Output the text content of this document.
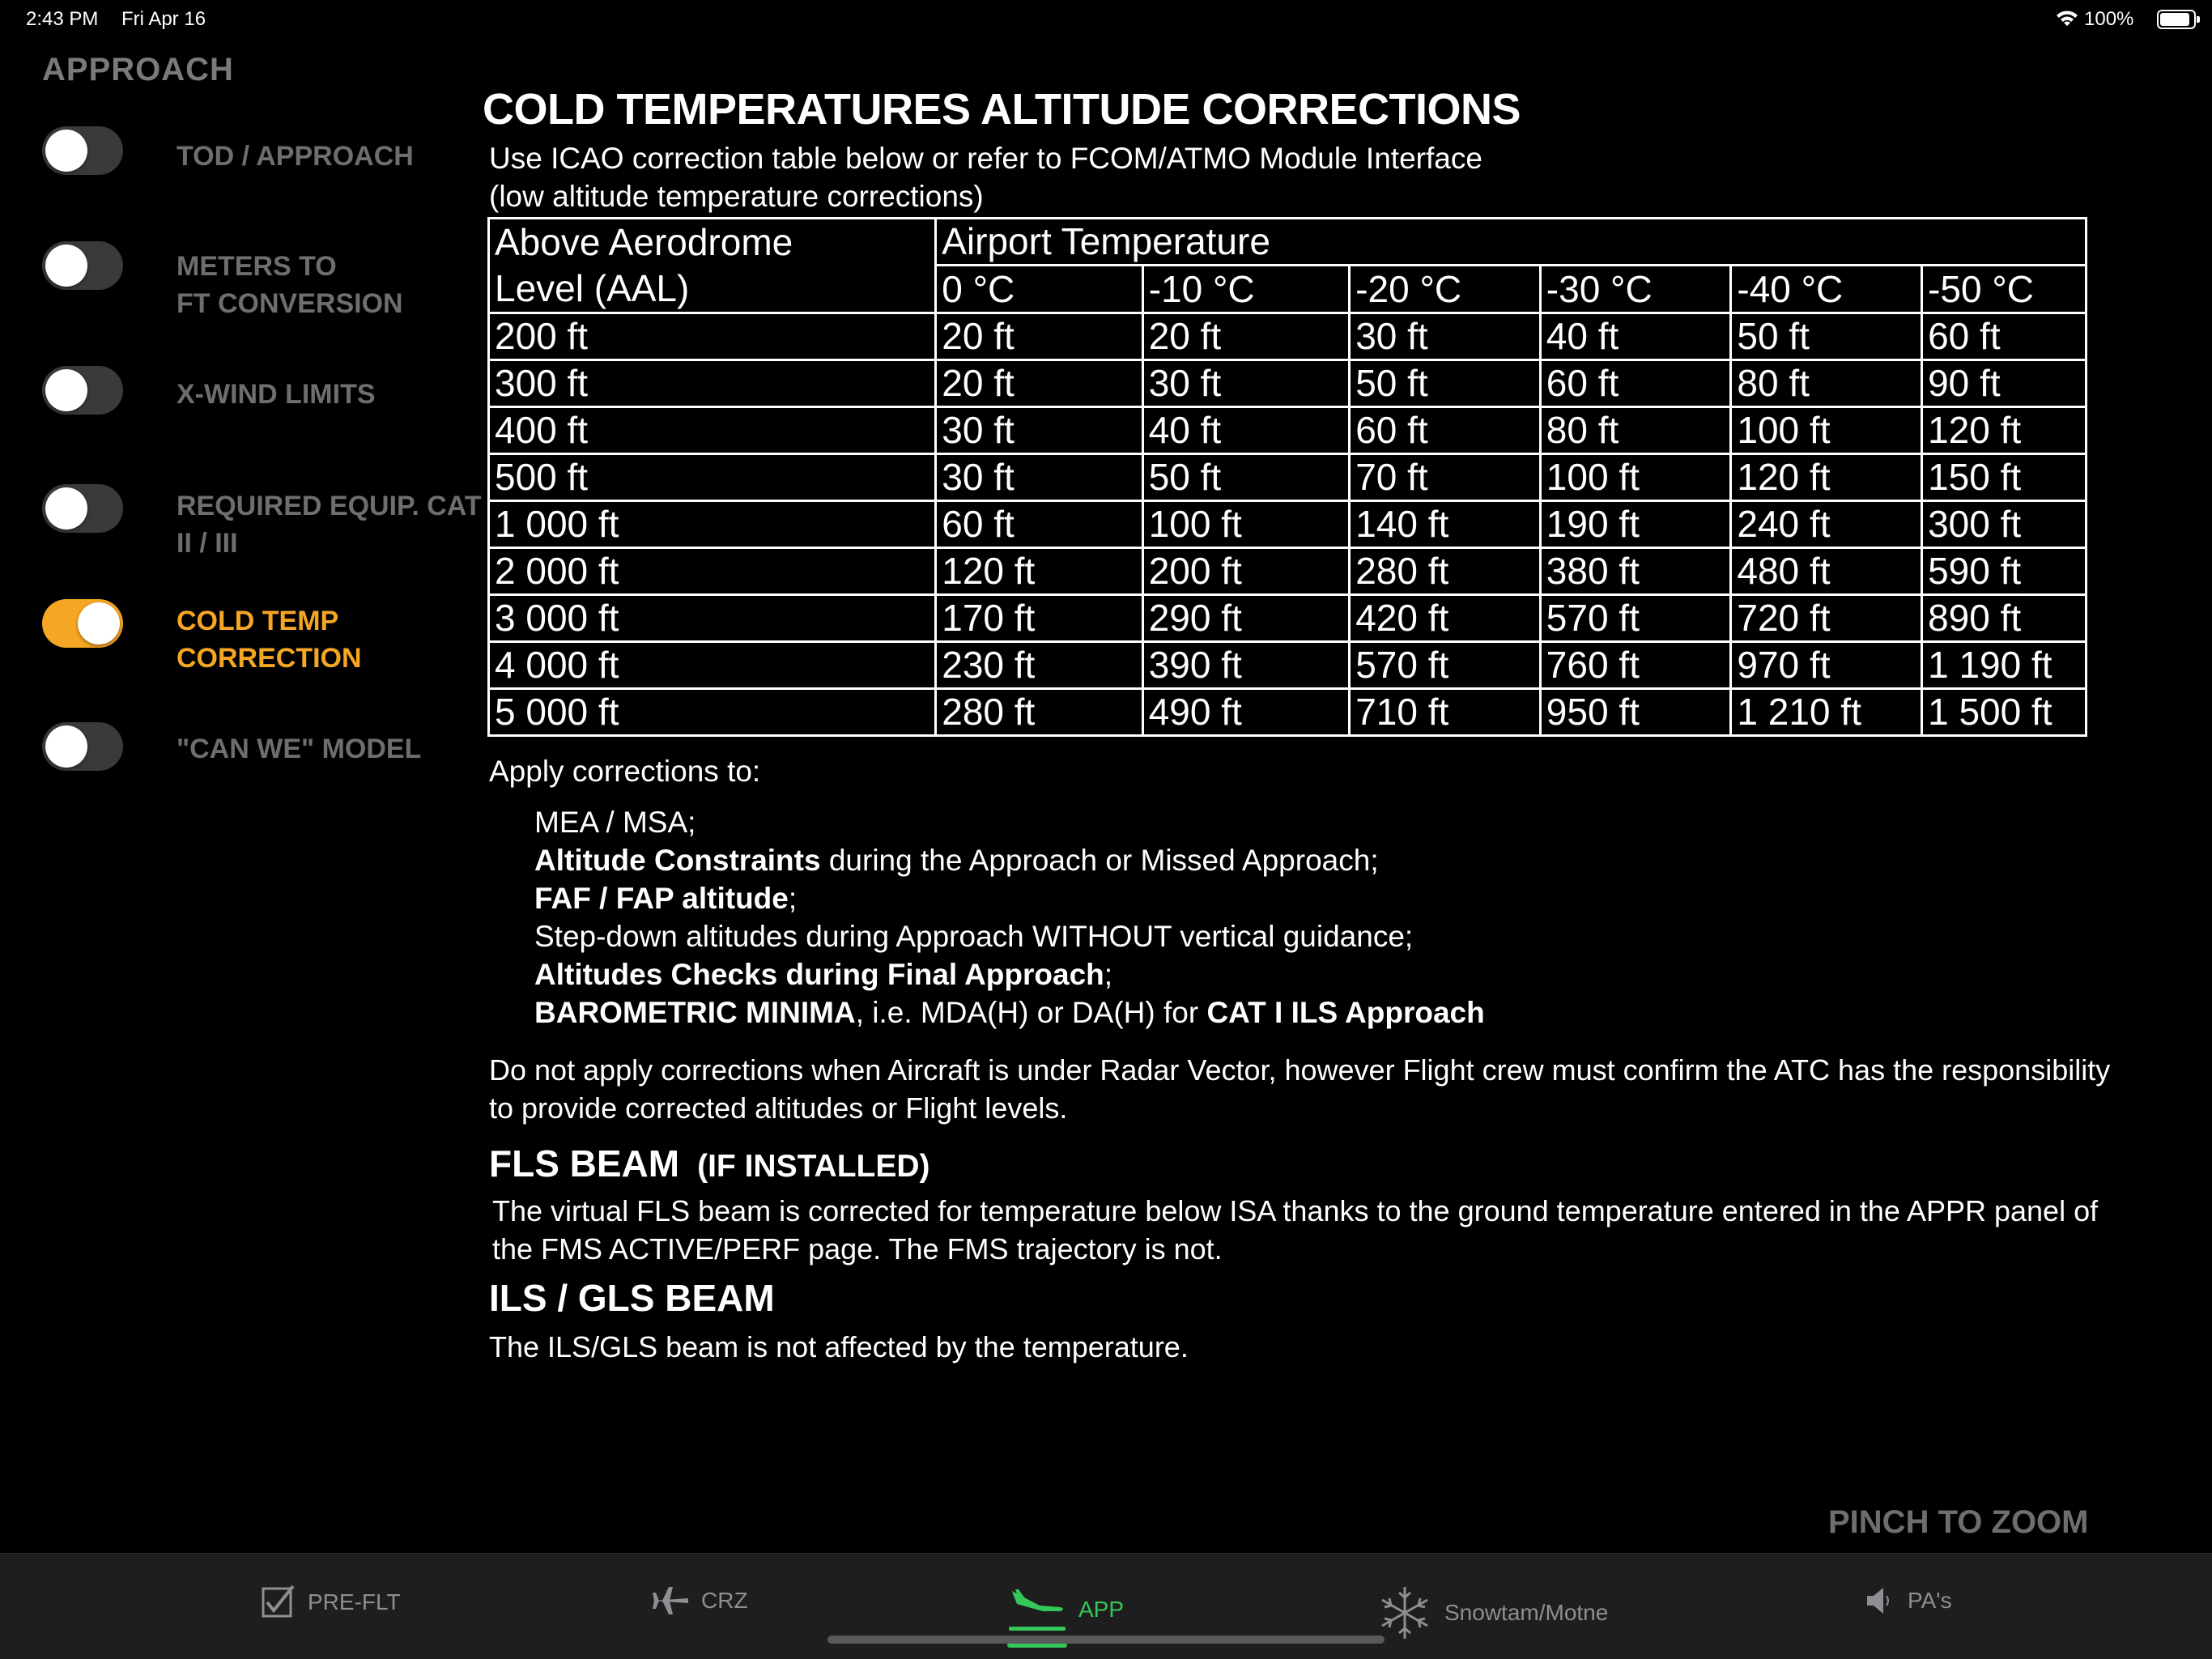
2:43 PM Fri Apr 16	100%
APPROACH
TOD / APPROACH
METERS TO
FT CONVERSION
X-WIND LIMITS
REQUIRED EQUIP. CAT
II / III
COLD TEMP
CORRECTION
"CAN WE" MODEL
COLD TEMPERATURES ALTITUDE CORRECTIONS
Use ICAO correction table below or refer to FCOM/ATMO Module Interface
(low altitude temperature corrections)
Above Aerodrome	Airport Temperature					
Level (AAL)	0 °C	-10 °C	-20 °C	-30 °C	-40 °C	-50 °C
200 ft	20 ft	20 ft	30 ft	40 ft	50 ft	60 ft
300 ft	20 ft	30 ft	50 ft	60 ft	80 ft	90 ft
400 ft	30 ft	40 ft	60 ft	80 ft	100 ft	120 ft
500 ft	30 ft	50 ft	70 ft	100 ft	120 ft	150 ft
1 000 ft	60 ft	100 ft	140 ft	190 ft	240 ft	300 ft
2 000 ft	120 ft	200 ft	280 ft	380 ft	480 ft	590 ft
3 000 ft	170 ft	290 ft	420 ft	570 ft	720 ft	890 ft
4 000 ft	230 ft	390 ft	570 ft	760 ft	970 ft	1 190 ft
5 000 ft	280 ft	490 ft	710 ft	950 ft	1 210 ft	1 500 ft
Apply corrections to:
MEA / MSA;
Altitude Constraints during the Approach or Missed Approach;
FAF / FAP altitude;
Step-down altitudes during Approach WITHOUT vertical guidance;
Altitudes Checks during Final Approach;
BAROMETRIC MINIMA, i.e. MDA(H) or DA(H) for CAT I ILS Approach
Do not apply corrections when Aircraft is under Radar Vector, however Flight crew must confirm the ATC has the responsibility to provide corrected altitudes or Flight levels.
FLS BEAM (IF INSTALLED)
The virtual FLS beam is corrected for temperature below ISA thanks to the ground temperature entered in the APPR panel of the FMS ACTIVE/PERF page. The FMS trajectory is not.
ILS / GLS BEAM
The ILS/GLS beam is not affected by the temperature.
PINCH TO ZOOM
PRE-FLT	CRZ	APP	Snowtam/Motne	PA's
